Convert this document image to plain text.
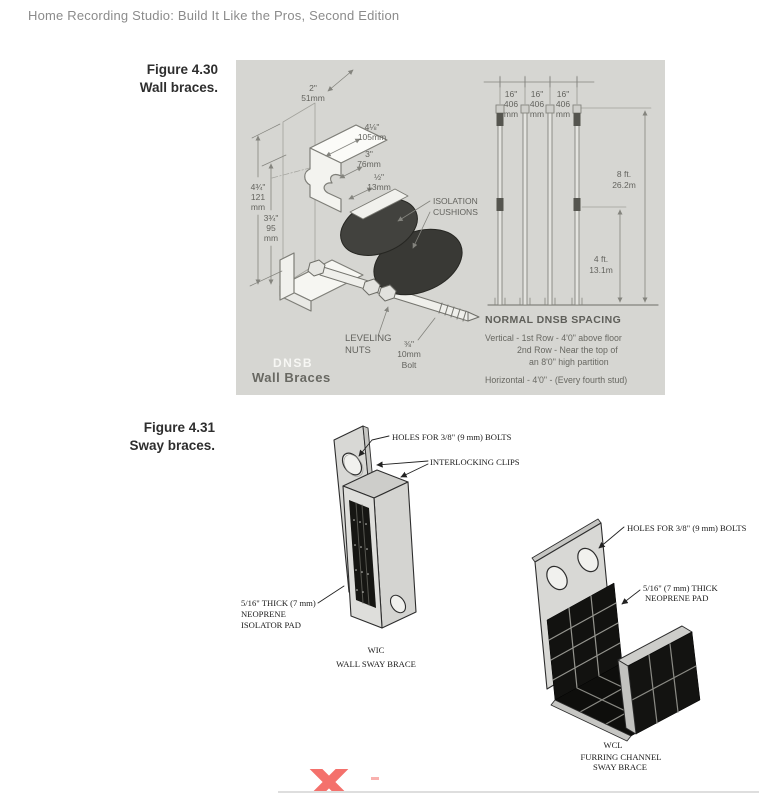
Home Recording Studio: Build It Like the Pros, Second Edition
Figure 4.30
Wall braces.	2"
51mm
4⅛"
105mm
3"
76mm
½"
13mm
4¾"
121
mm
3¾"
95
mm
ISOLATION
CUSHIONS
LEVELING
NUTS
⅜"
10mm
Bolt
DNSB
Wall Braces
16"
406
mm
16"
406
mm
16"
406
mm
8 ft.
26.2m
4 ft.
13.1m
NORMAL DNSB SPACING
Vertical - 1st Row - 4'0" above floor
2nd Row - Near the top of
an 8'0" high partition
Horizontal - 4'0" - (Every fourth stud)
Figure 4.31
Sway braces.
HOLES FOR 3/8" (9 mm) BOLTS
INTERLOCKING CLIPS
5/16" THICK (7 mm)
NEOPRENE
ISOLATOR PAD
WIC
WALL SWAY BRACE
HOLES FOR 3/8" (9 mm) BOLTS
5/16" (7 mm) THICK
NEOPRENE PAD
WCL
FURRING CHANNEL
SWAY BRACE
